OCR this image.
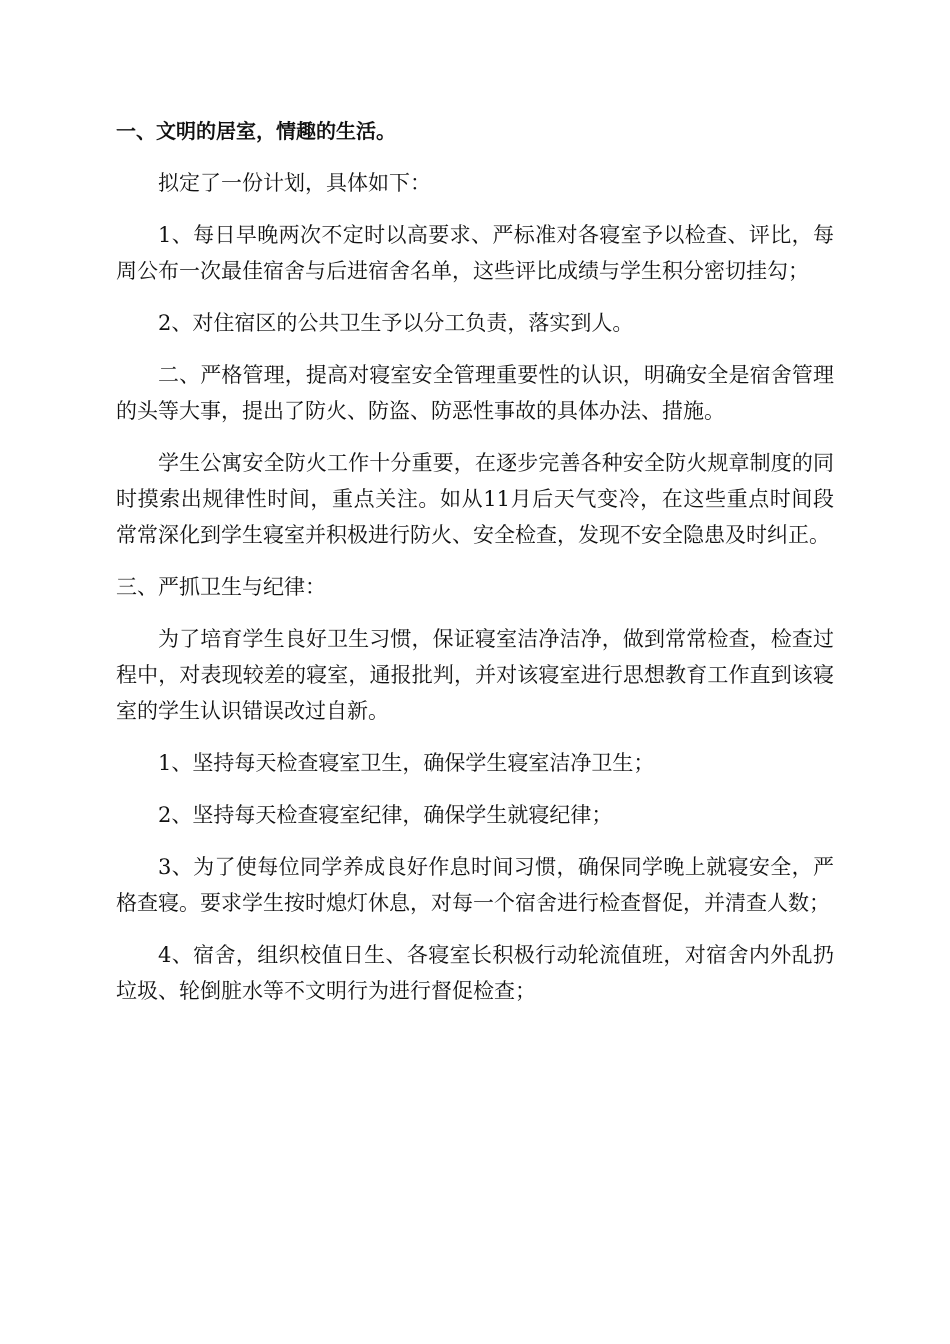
一、文明的居室，情趣的生活。

拟定了一份计划，具体如下：

1、每日早晚两次不定时以高要求、严标准对各寝室予以检查、评比，每周公布一次最佳宿舍与后进宿舍名单，这些评比成绩与学生积分密切挂勾；

2、对住宿区的公共卫生予以分工负责，落实到人。

二、严格管理，提高对寝室安全管理重要性的认识，明确安全是宿舍管理的头等大事，提出了防火、防盗、防恶性事故的具体办法、措施。

学生公寓安全防火工作十分重要，在逐步完善各种安全防火规章制度的同时摸索出规律性时间，重点关注。如从11月后天气变冷，在这些重点时间段常常深化到学生寝室并积极进行防火、安全检查，发现不安全隐患及时纠正。

三、严抓卫生与纪律：

为了培育学生良好卫生习惯，保证寝室洁净洁净，做到常常检查，检查过程中，对表现较差的寝室，通报批判，并对该寝室进行思想教育工作直到该寝室的学生认识错误改过自新。

1、坚持每天检查寝室卫生，确保学生寝室洁净卫生；

2、坚持每天检查寝室纪律，确保学生就寝纪律；

3、为了使每位同学养成良好作息时间习惯，确保同学晚上就寝安全，严格查寝。要求学生按时熄灯休息，对每一个宿舍进行检查督促，并清查人数；

4、宿舍，组织校值日生、各寝室长积极行动轮流值班，对宿舍内外乱扔垃圾、轮倒脏水等不文明行为进行督促检查；
